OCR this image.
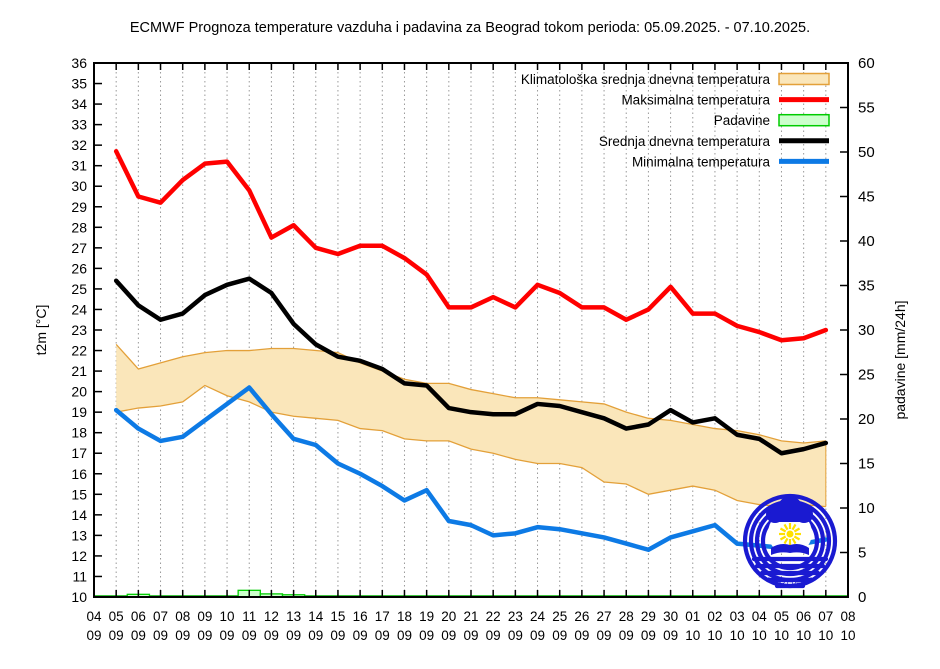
ECMWF Prognoza temperature vazduha i padavina za Beograd tokom perioda: 05.09.2025. - 07.10.2025.
10
11
12
13
14
15
16
17
18
19
20
21
22
23
24
25
26
27
28
29
30
31
32
33
34
35
36
0
5
10
15
20
25
30
35
40
45
50
55
60
04
09
05
09
06
09
07
09
08
09
09
09
10
09
11
09
12
09
13
09
14
09
15
09
16
09
17
09
18
09
19
09
20
09
21
09
22
09
23
09
24
09
25
09
26
09
27
09
28
09
29
09
30
09
01
10
02
10
03
10
04
10
05
10
06
10
07
10
08
10
t2m [°C]	padavine [mm/24h]
Klimatološka srednja dnevna temperatura
Maksimalna temperatura
Padavine
Srednja dnevna temperatura
Minimalna temperatura
РХМЗ СРБИЈЕ
